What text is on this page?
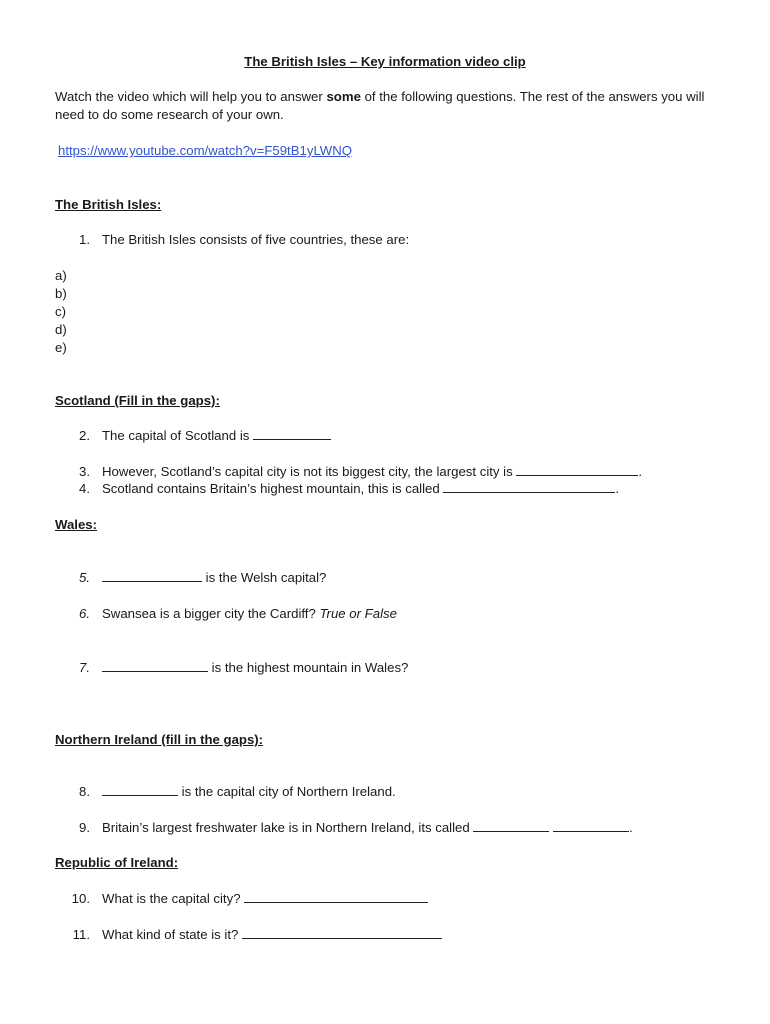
The British Isles – Key information video clip
Watch the video which will help you to answer some of the following questions. The rest of the answers you will need to do some research of your own.
https://www.youtube.com/watch?v=F59tB1yLWNQ
The British Isles:
1. The British Isles consists of five countries, these are:
a)
b)
c)
d)
e)
Scotland (Fill in the gaps):
2. The capital of Scotland is
3. However, Scotland’s capital city is not its biggest city, the largest city is	.
4. Scotland contains Britain’s highest mountain, this is called	.
Wales:
5.	is the Welsh capital?
6. Swansea is a bigger city the Cardiff? True or False
7.	is the highest mountain in Wales?
Northern Ireland (fill in the gaps):
8.	is the capital city of Northern Ireland.
9. Britain’s largest freshwater lake is in Northern Ireland, its called	.
Republic of Ireland:
10. What is the capital city?
11. What kind of state is it?
